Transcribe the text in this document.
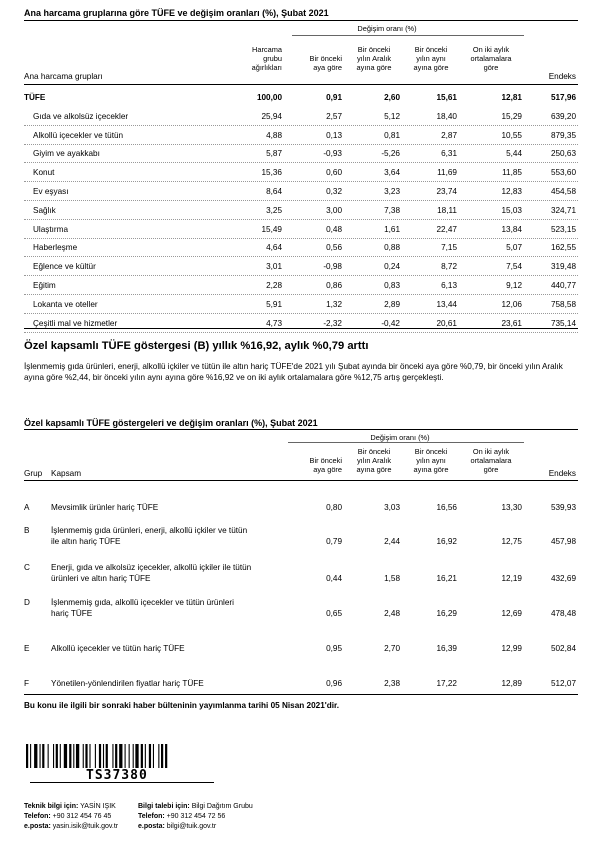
Ana harcama gruplarına göre TÜFE ve değişim oranları (%), Şubat 2021
Değişim oranı (%)
Harcama
grubu
ağırlıkları
Bir önceki
aya göre
Bir önceki
yılın Aralık
ayına göre
Bir önceki
yılın aynı
ayına göre
On iki aylık
ortalamalara
göre
Ana harcama grupları	Endeks
TÜFE	100,00	0,91	2,60	15,61	12,81	517,96
Gıda ve alkolsüz içecekler	25,94	2,57	5,12	18,40	15,29	639,20
Alkollü içecekler ve tütün	4,88	0,13	0,81	2,87	10,55	879,35
Giyim ve ayakkabı	5,87	-0,93	-5,26	6,31	5,44	250,63
Konut	15,36	0,60	3,64	11,69	11,85	553,60
Ev eşyası	8,64	0,32	3,23	23,74	12,83	454,58
Sağlık	3,25	3,00	7,38	18,11	15,03	324,71
Ulaştırma	15,49	0,48	1,61	22,47	13,84	523,15
Haberleşme	4,64	0,56	0,88	7,15	5,07	162,55
Eğlence ve kültür	3,01	-0,98	0,24	8,72	7,54	319,48
Eğitim	2,28	0,86	0,83	6,13	9,12	440,77
Lokanta ve oteller	5,91	1,32	2,89	13,44	12,06	758,58
Çeşitli mal ve hizmetler	4,73	-2,32	-0,42	20,61	23,61	735,14
Özel kapsamlı TÜFE göstergesi (B) yıllık %16,92, aylık %0,79 arttı
İşlenmemiş gıda ürünleri, enerji, alkollü içkiler ve tütün ile altın hariç TÜFE'de 2021 yılı Şubat ayında bir önceki aya göre %0,79, bir önceki yılın Aralık ayına göre %2,44, bir önceki yılın aynı ayına göre %16,92 ve on iki aylık ortalamalara göre %12,75 artış gerçekleşti.
Özel kapsamlı TÜFE göstergeleri ve değişim oranları (%), Şubat 2021
Değişim oranı (%)
Bir önceki
aya göre
Bir önceki
yılın Aralık
ayına göre
Bir önceki
yılın aynı
ayına göre
On iki aylık
ortalamalara
göre
Grup Kapsam	Endeks
A	Mevsimlik ürünler hariç TÜFE	0,80	3,03	16,56	13,30	539,93
B	İşlenmemiş gıda ürünleri, enerji, alkollü içkiler ve tütün
ile altın hariç TÜFE	0,79	2,44	16,92	12,75	457,98
C	Enerji, gıda ve alkolsüz içecekler, alkollü içkiler ile tütün
ürünleri ve altın hariç TÜFE	0,44	1,58	16,21	12,19	432,69
D	İşlenmemiş gıda, alkollü içecekler ve tütün ürünleri
hariç TÜFE	0,65	2,48	16,29	12,69	478,48
E	Alkollü içecekler ve tütün hariç TÜFE	0,95	2,70	16,39	12,99	502,84
F	Yönetilen-yönlendirilen fiyatlar hariç TÜFE	0,96	2,38	17,22	12,89	512,07
Bu konu ile ilgili bir sonraki haber bülteninin yayımlanma tarihi 05 Nisan 2021'dir.
TS37380
Teknik bilgi için: YASİN IŞIK
Telefon: +90 312 454 76 45
e.posta: yasin.isik@tuik.gov.tr
Bilgi talebi için: Bilgi Dağıtım Grubu
Telefon: +90 312 454 72 56
e.posta: bilgi@tuik.gov.tr
